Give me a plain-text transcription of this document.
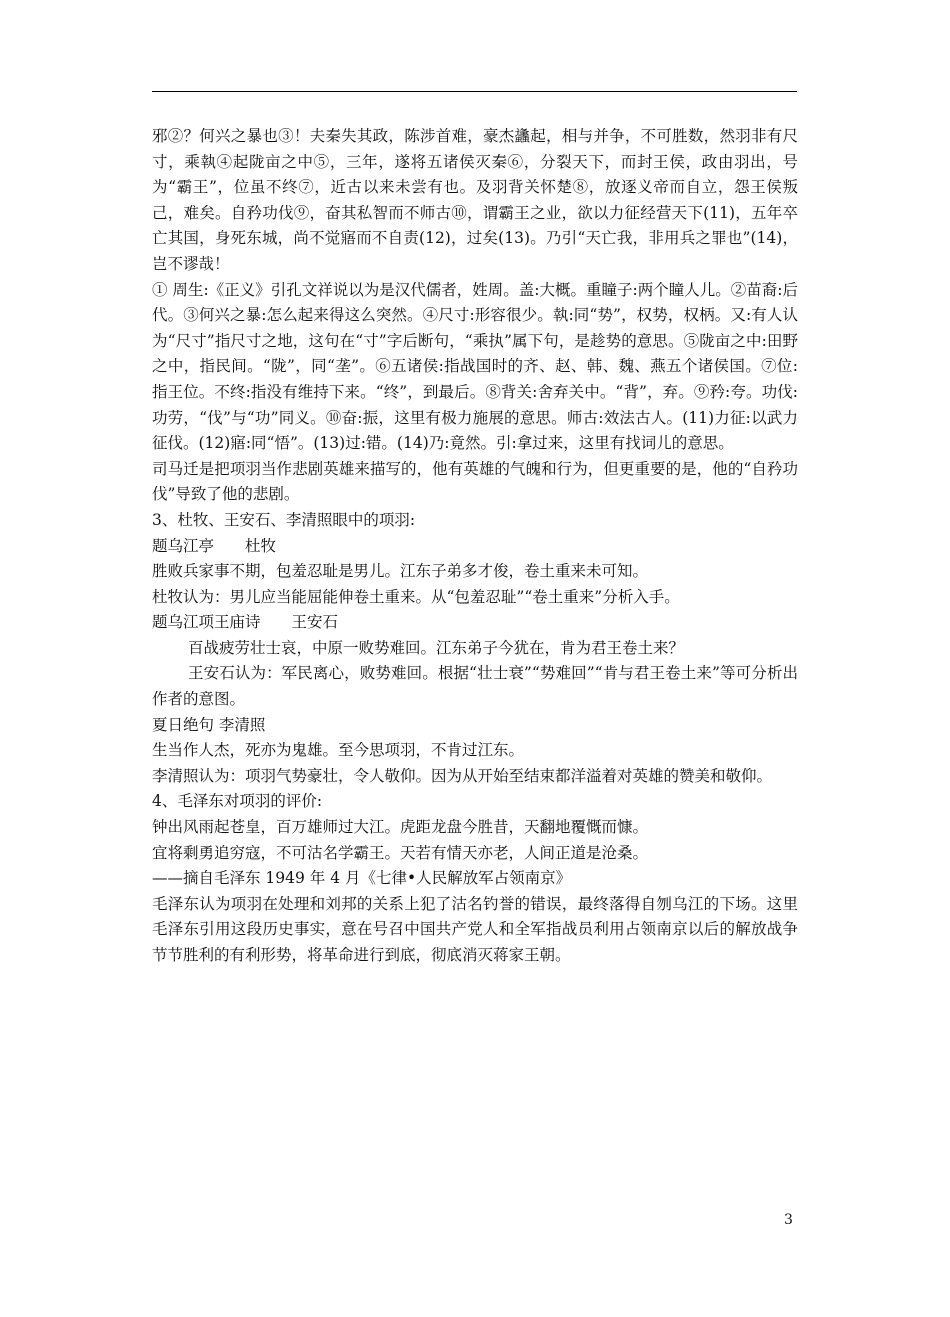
邪②？何兴之暴也③！夫秦失其政，陈涉首难，豪杰蠭起，相与并争，不可胜数，然羽非有尺寸，乘執④起陇亩之中⑤，三年，遂将五诸侯灭秦⑥，分裂天下，而封王侯，政由羽出，号为“霸王”，位虽不终⑦，近古以来未尝有也。及羽背关怀楚⑧，放逐义帝而自立，怨王侯叛己，难矣。自矜功伐⑨，奋其私智而不师古⑩，谓霸王之业，欲以力征经营天下(11)，五年卒亡其国，身死东城，尚不觉寤而不自责(12)，过矣(13)。乃引“天亡我，非用兵之罪也”(14)，岂不谬哉！

① 周生:《正义》引孔文祥说以为是汉代儒者，姓周。盖:大概。重瞳子:两个瞳人儿。②苗裔:后代。③何兴之暴:怎么起来得这么突然。④尺寸:形容很少。執:同“势”，权势，权柄。又:有人认为“尺寸”指尺寸之地，这句在“寸”字后断句，“乘执”属下句，是趁势的意思。⑤陇亩之中:田野之中，指民间。“陇”，同“垄”。⑥五诸侯:指战国时的齐、赵、韩、魏、燕五个诸侯国。⑦位:指王位。不终:指没有维持下来。“终”，到最后。⑧背关:舍弃关中。“背”，弃。⑨矜:夸。功伐:功劳，“伐”与“功”同义。⑩奋:振，这里有极力施展的意思。师古:效法古人。(11)力征:以武力征伐。(12)寤:同“悟”。(13)过:错。(14)乃:竟然。引:拿过来，这里有找词儿的意思。

司马迁是把项羽当作悲剧英雄来描写的，他有英雄的气魄和行为，但更重要的是，他的“自矜功伐”导致了他的悲剧。

3、杜牧、王安石、李清照眼中的项羽:

题乌江亭　　杜牧

胜败兵家事不期，包羞忍耻是男儿。江东子弟多才俊，卷土重来未可知。

杜牧认为：男儿应当能屈能伸卷土重来。从“包羞忍耻”“卷土重来”分析入手。

题乌江项王庙诗　　王安石

百战疲劳壮士哀，中原一败势难回。江东弟子今犹在，肯为君王卷土来？

王安石认为：军民离心，败势难回。根据“壮士衰”“势难回”“肯与君王卷土来”等可分析出作者的意图。

夏日绝句 李清照

生当作人杰，死亦为鬼雄。至今思项羽，不肯过江东。

李清照认为：项羽气势豪壮，令人敬仰。因为从开始至结束都洋溢着对英雄的赞美和敬仰。

4、毛泽东对项羽的评价:

钟出风雨起苍皇，百万雄师过大江。虎距龙盘今胜昔，天翻地覆慨而慷。

宜将剩勇追穷寇，不可沽名学霸王。天若有情天亦老，人间正道是沧桑。

——摘自毛泽东 1949 年 4 月《七律•人民解放军占领南京》

毛泽东认为项羽在处理和刘邦的关系上犯了沽名钓誉的错误，最终落得自刎乌江的下场。这里毛泽东引用这段历史事实，意在号召中国共产党人和全军指战员利用占领南京以后的解放战争节节胜利的有利形势，将革命进行到底，彻底消灭蒋家王朝。

3
